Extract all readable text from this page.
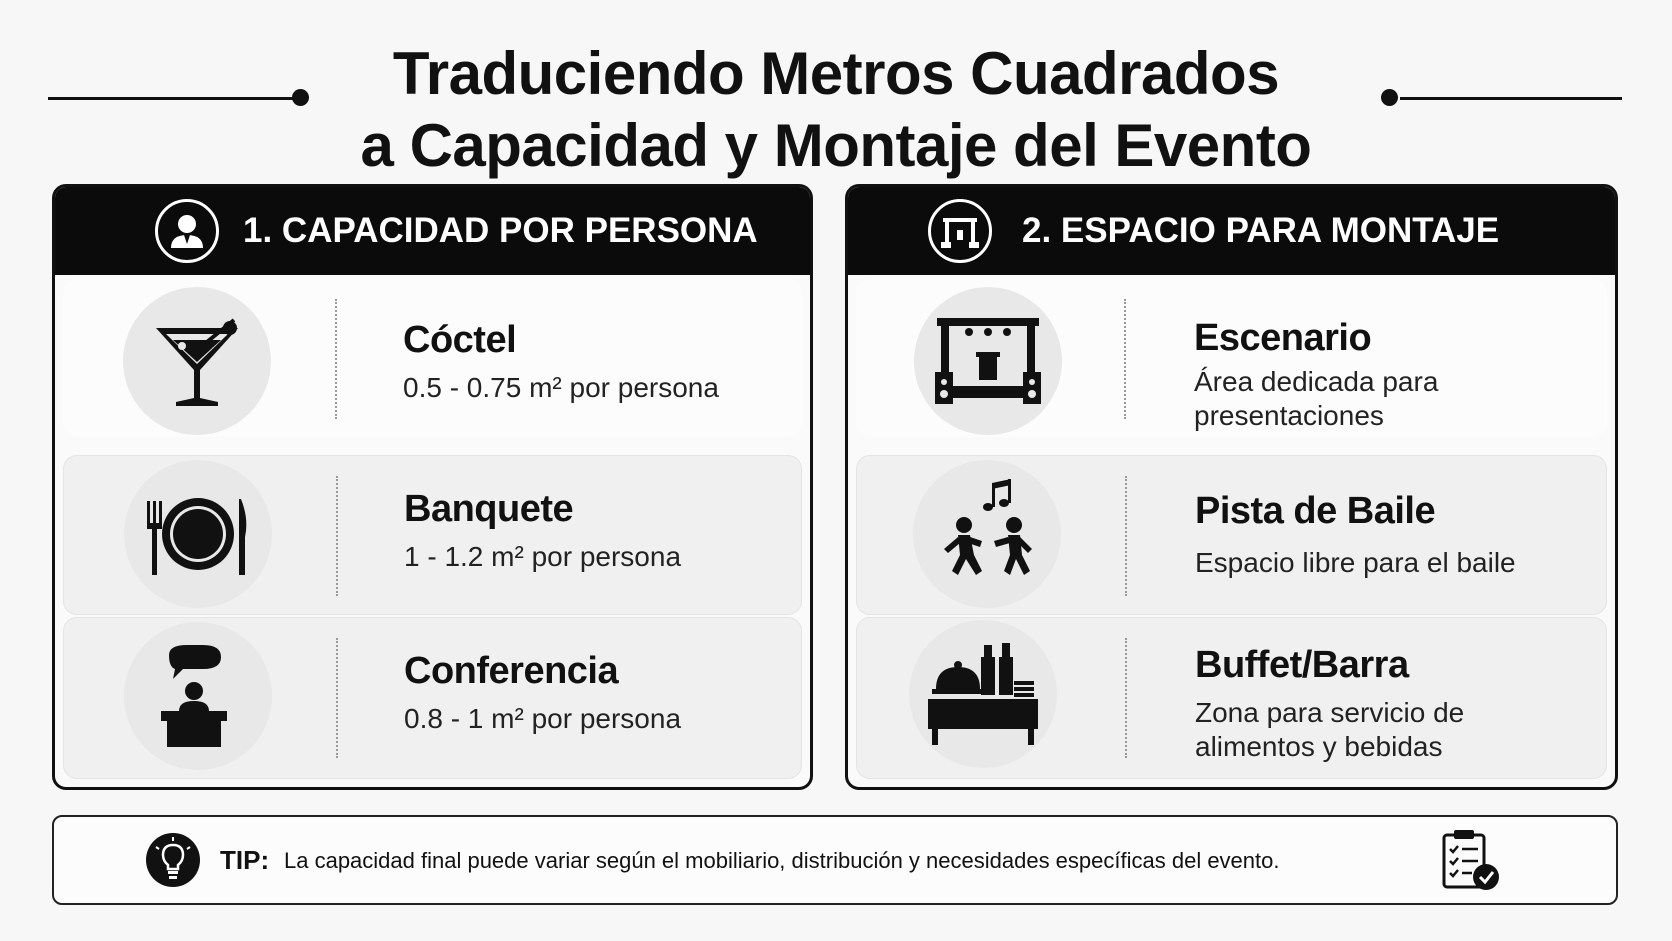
Traduciendo Metros Cuadrados
a Capacidad y Montaje del Evento
1. CAPACIDAD POR PERSONA
Cóctel
0.5 - 0.75 m² por persona
Banquete
1 - 1.2 m² por persona
Conferencia
0.8 - 1 m² por persona
2. ESPACIO PARA MONTAJE
Escenario
Área dedicada para
presentaciones
Pista de Baile
Espacio libre para el baile
Buffet/Barra
Zona para servicio de
alimentos y bebidas
TIP: La capacidad final puede variar según el mobiliario, distribución y necesidades específicas del evento.
